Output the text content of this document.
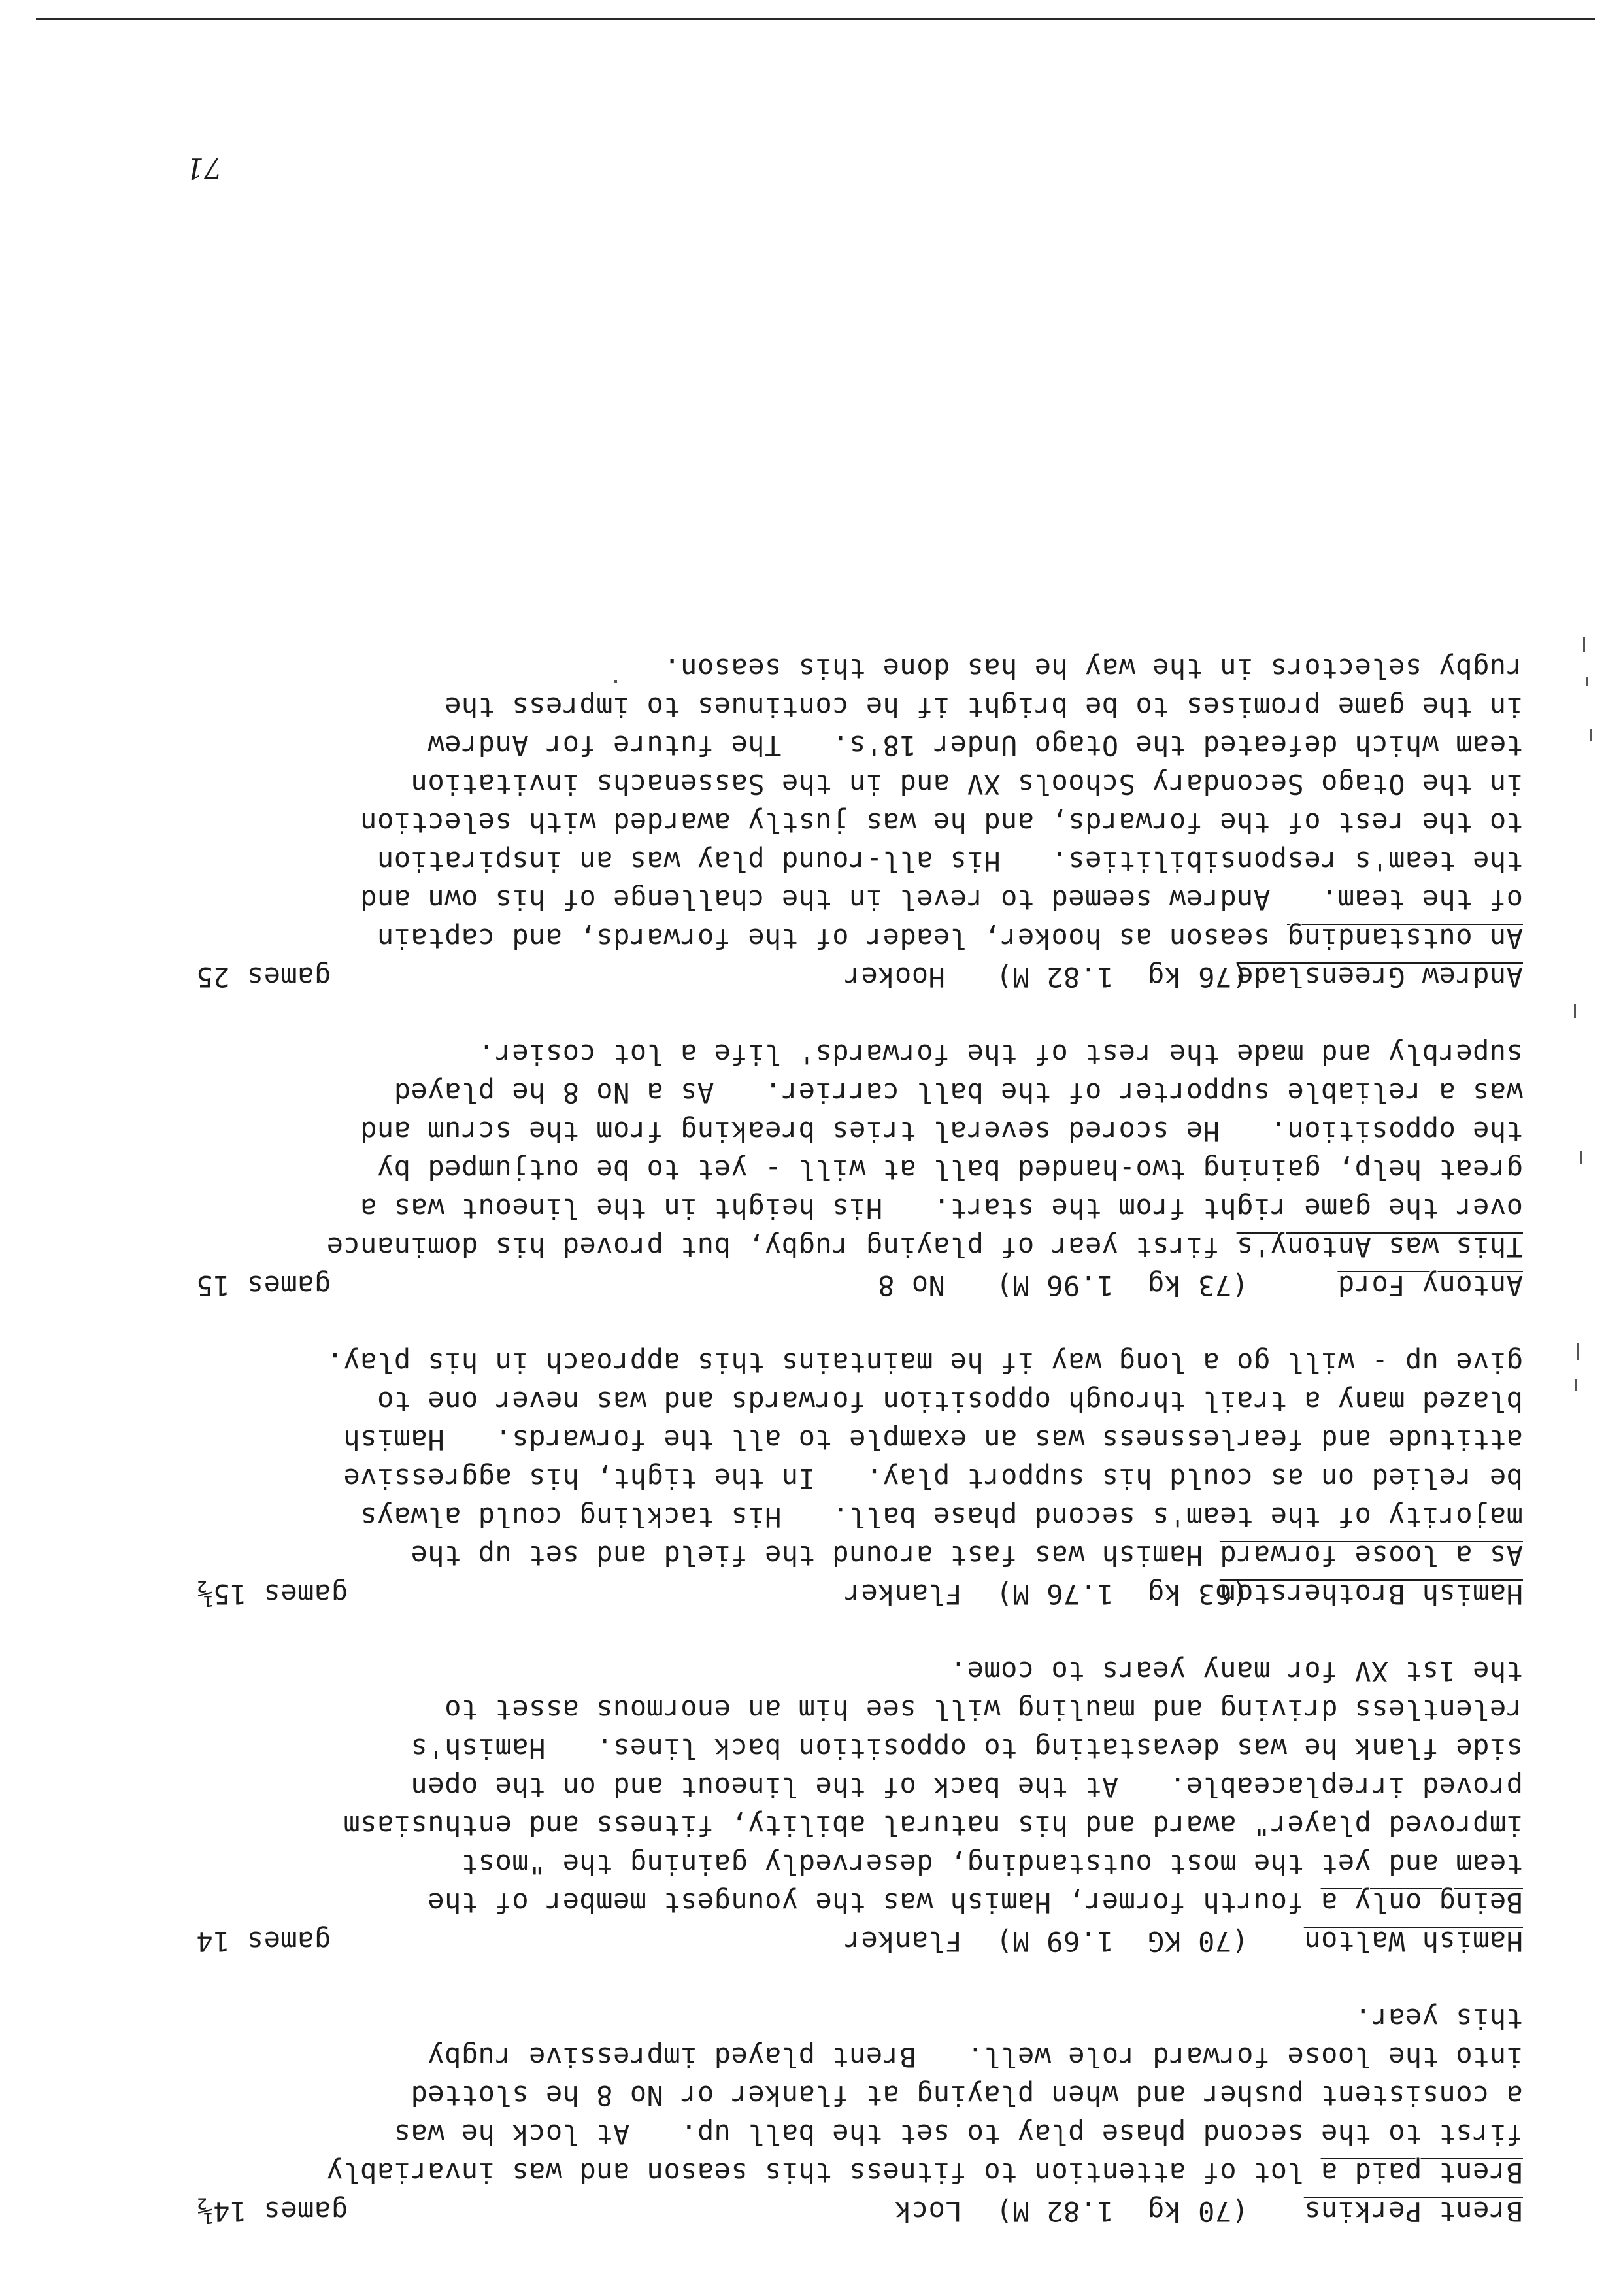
Brent Perkins(70 kg  1.82 M)  Lock
games 14½

Brent paid a lot of attention to fitness this season and was invariably

first to the second phase play to set the ball up.   At lock he was

a consistent pusher and when playing at flanker or No 8 he slotted

into the loose forward role well.   Brent played impressive rugby

this year.

Hamish Walton(70 KG  1.69 M)  Flanker
games 14

Being only a fourth former, Hamish was the youngest member of the

team and yet the most outstanding, deservedly gaining the "most

improved player" award and his natural ability, fitness and enthusiasm

proved irreplaceable.   At the back of the lineout and on the open

side flank he was devastating to opposition back lines.   Hamish's

relentless driving and mauling will see him an enormous asset to

the 1st XV for many years to come.

Hamish Brotherston(63 kg  1.76 M)  Flanker
games 15½

As a loose forward Hamish was fast around the field and set up the

majority of the team's second phase ball.   His tackling could always

be relied on as could his support play.   In the tight, his aggressive

attitude and fearlessness was an example to all the forwards.   Hamish

blazed many a trail through opposition forwards and was never one to

give up - will go a long way if he maintains this approach in his play.

Antony Ford(73 kg  1.96 M)   No 8
games 15

This was Antony's first year of playing rugby, but proved his dominance

over the game right from the start.   His height in the lineout was a

great help, gaining two-handed ball at will - yet to be outjumped by

the opposition.   He scored several tries breaking from the scrum and

was a reliable supporter of the ball carrier.   As a No 8 he played

superbly and made the rest of the forwards' life a lot cosier.

Andrew Greenslade(76 kg  1.82 M)   Hooker
games 25

An outstanding season as hooker, leader of the forwards, and captain

of the team.   Andrew seemed to revel in the challenge of his own and

the team's responsibilities.   His all-round play was an inspiration

to the rest of the forwards, and he was justly awarded with selection

in the Otago Secondary Schools XV and in the Sassenachs invitation

team which defeated the Otago Under 18's.   The future for Andrew

in the game promises to be bright if he continues to impress the

rugby selectors in the way he has done this season.

71
